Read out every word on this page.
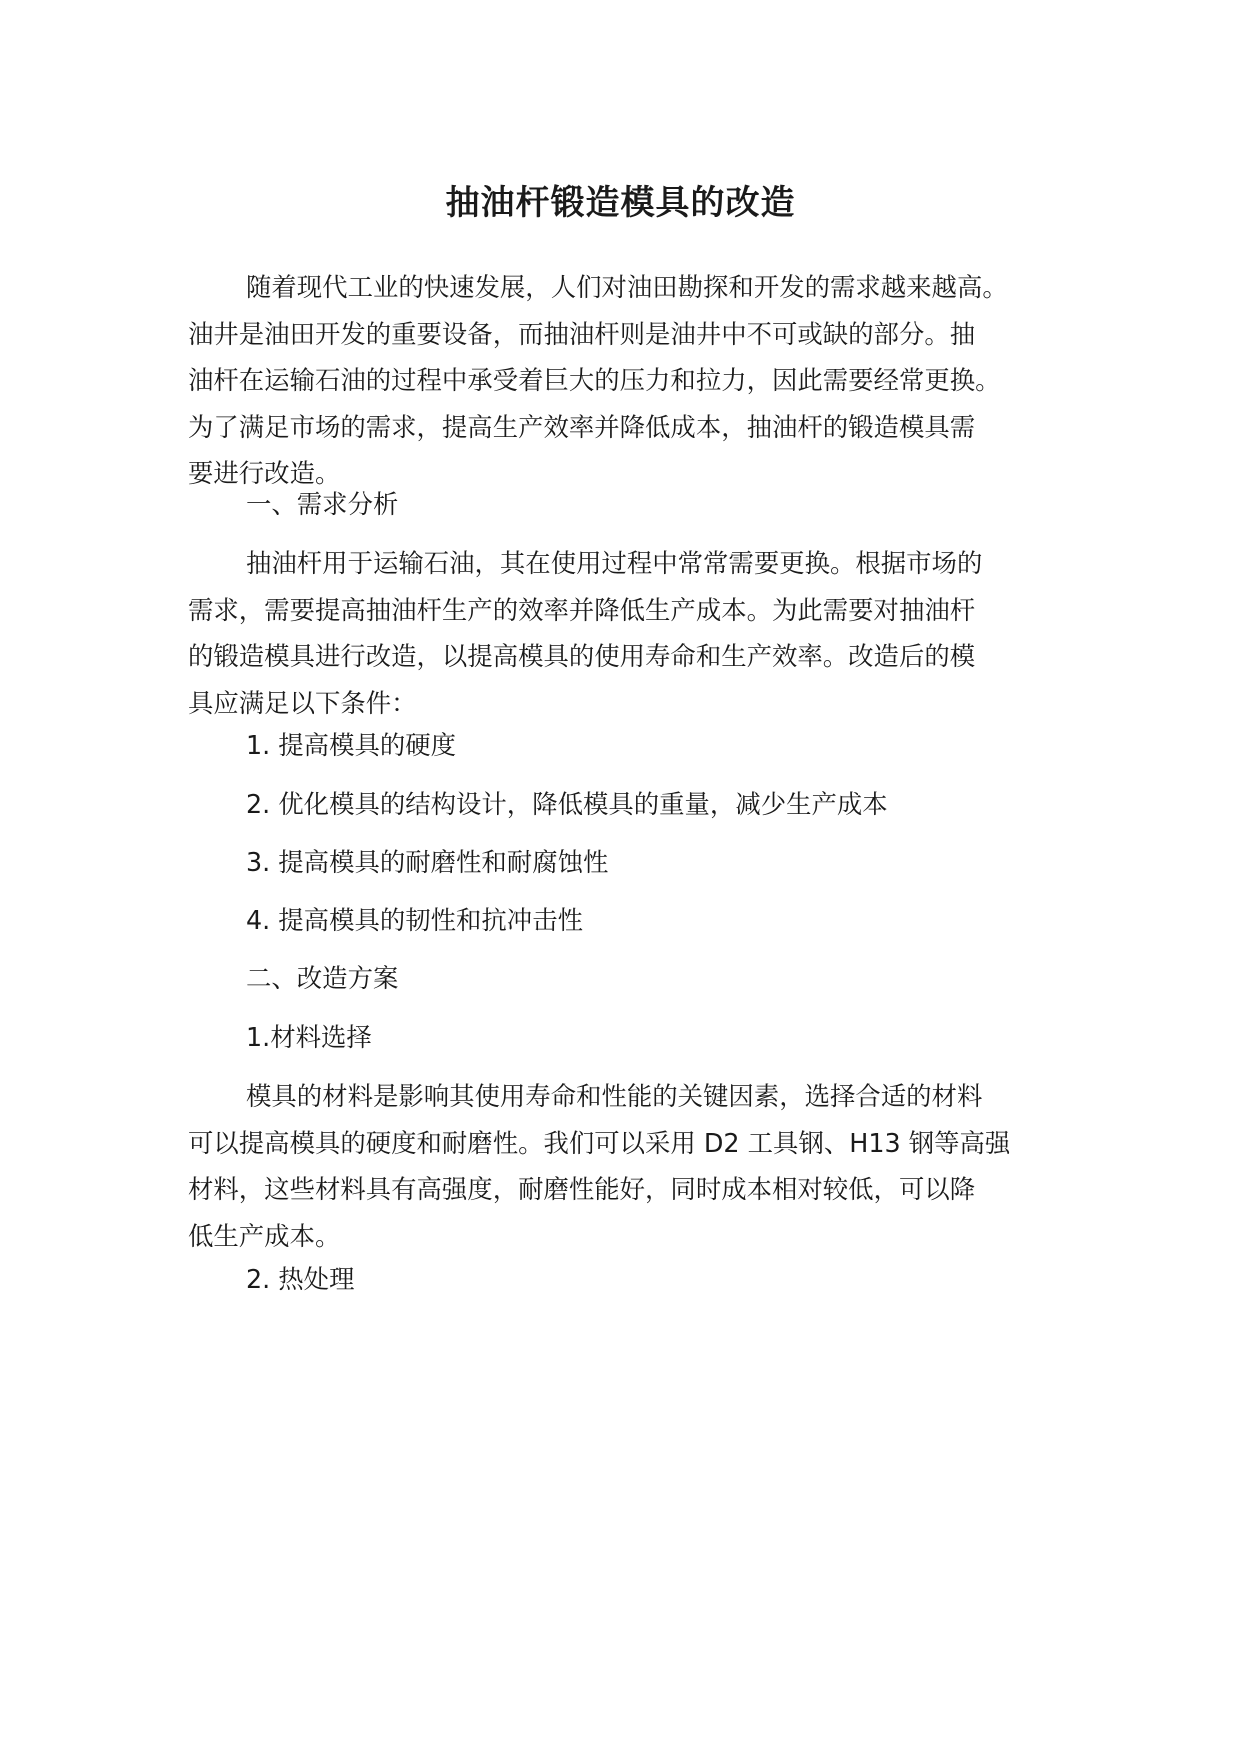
抽油杆锻造模具的改造
随着现代工业的快速发展，人们对油田勘探和开发的需求越来越高。
油井是油田开发的重要设备，而抽油杆则是油井中不可或缺的部分。抽
油杆在运输石油的过程中承受着巨大的压力和拉力，因此需要经常更换。
为了满足市场的需求，提高生产效率并降低成本，抽油杆的锻造模具需
要进行改造。
一、需求分析
抽油杆用于运输石油，其在使用过程中常常需要更换。根据市场的
需求，需要提高抽油杆生产的效率并降低生产成本。为此需要对抽油杆
的锻造模具进行改造，以提高模具的使用寿命和生产效率。改造后的模
具应满足以下条件：
1. 提高模具的硬度
2. 优化模具的结构设计，降低模具的重量，减少生产成本
3. 提高模具的耐磨性和耐腐蚀性
4. 提高模具的韧性和抗冲击性
二、改造方案
1.材料选择
模具的材料是影响其使用寿命和性能的关键因素，选择合适的材料
可以提高模具的硬度和耐磨性。我们可以采用 D2 工具钢、H13 钢等高强
材料，这些材料具有高强度，耐磨性能好，同时成本相对较低，可以降
低生产成本。
2. 热处理
